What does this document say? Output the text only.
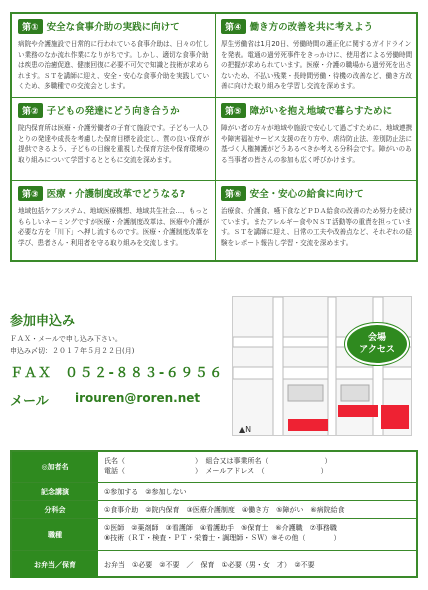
第① 安全な食事介助の実践に向けて
病院や介護施設で日常的に行われている食事介助は、日々の忙しい業務のなか流れ作業になりがちです。しかし、適切な食事介助は疾患の治癒促進、健康回復に必要不可欠で知識と技術が求められます。ＳＴを講師に迎え、安全・安心な食事介助を実践していくため、多職種での交流会とします。
第④ 働き方の改善を共に考えよう
厚生労働省は1月20日、労働時間の適正化に関するガイドラインを発表。電通の過労死事件をきっかけに、使用者による労働時間の把握が求められています。医療・介護の職場から過労死を出さないため、不払い残業・長時間労働・待機の改善など、働き方改善に向けた取り組みを学習し交流を深めます。
第② 子どもの発達にどう向き合うか
院内保育所は医療・介護労働者の子育て施設です。子ども一人ひとりの発達や成長を考慮した保育目標を設定し、質の良い保育が提供できるよう、子どもの目線を重視した保育方法や保育環境の取り組みについて学習するとともに交流を深めます。
第⑤ 障がいを抱え地域で暮らすために
障がい者の方々が地域や施設で安心して過ごすために、地域連携や障害福祉サービス支援の在り方や、虐待防止法、差別防止法に基づく人権擁護がどうあるべきか考える分科会です。障がいのある当事者の皆さんの参加も広く呼びかけます。
第③ 医療・介護制度改革でどうなる?
地域包括ケアシステム、地域医療構想、地域共生社会…、もっともらしいネーミングですが医療・介護制度改革は、医療や介護が必要な方を「川下」へ押し流すものです。医療・介護制度改革を学び、患者さん・利用者を守る取り組みを交流します。
第⑥ 安全・安心の給食に向けて
治療食、介護食、嚥下食などＰＤＡ給食の改善のため努力を続けています。またアレルギー食やＮＳＴ活動等の重責を担っています。ＳＴを講師に迎え、日常の工夫や改善点など、それぞれの経験をレポート報告し学習・交流を深めます。
参加申込み
ＦＡＸ・メールで申し込み下さい。
申込み〆切：２０１７年５月２２日(月)
ＦＡＸ ０５２-８８３-６９５６
メール irouren@roren.net
▲N
会場
アクセス
◎加者名
氏名（　　　　　　　　　　）　組合又は事業所名（　　　　　　　　）
電話（　　　　　　　　　　）　メールアドレス　（　　　　　　　　）
記念講演	①参加する　②参加しない
分科会	①食事介助　②院内保育　③医療介護制度　④働き方　⑤障がい　⑥病院給食
職種
①医師　②薬剤師　③看護師　④看護助手　⑤保育士　⑥介護職　⑦事務職
⑧技術（ＲＴ・検査・ＰＴ・栄養士・調理師・ＳＷ）⑨その他（　　　　）
お弁当／保育	お弁当　①必要　②不要　／　保育　①必要（男・女　才）　②不要
